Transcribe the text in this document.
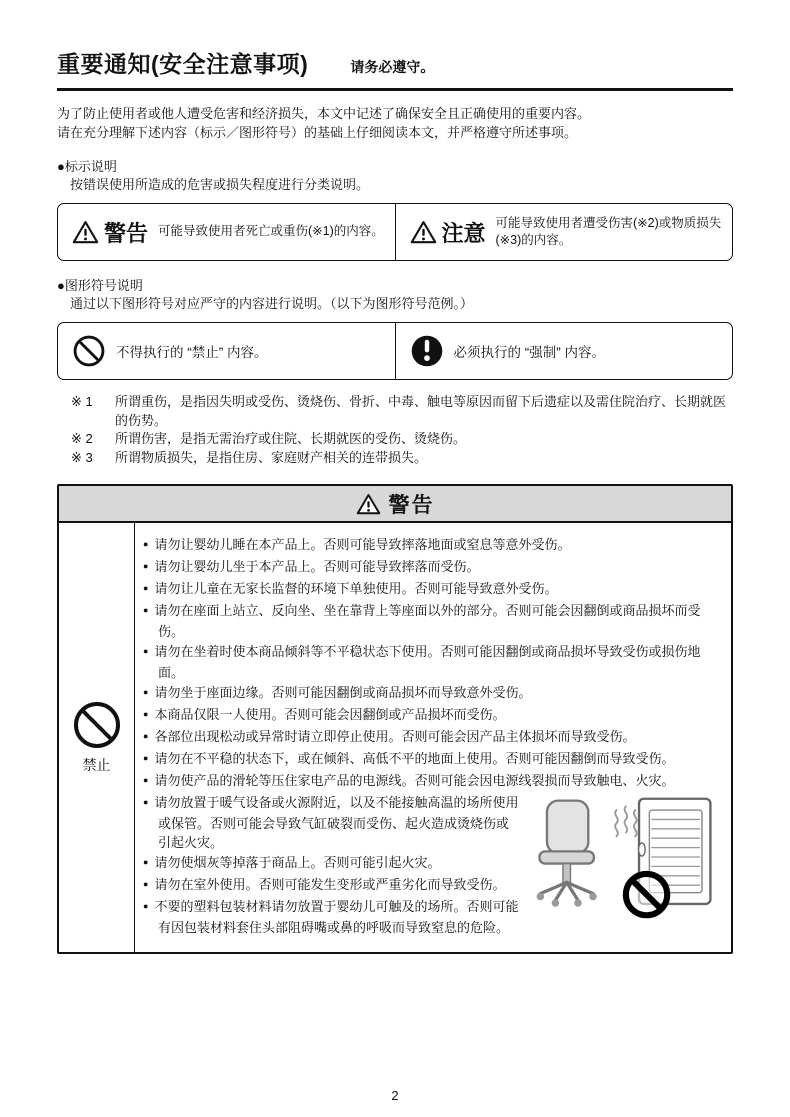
重要通知(安全注意事项)	请务必遵守。
为了防止使用者或他人遭受危害和经济损失，本文中记述了确保安全且正确使用的重要内容。
请在充分理解下述内容（标示／图形符号）的基础上仔细阅读本文，并严格遵守所述事项。
●标示说明
按错误使用所造成的危害或损失程度进行分类说明。
警告 可能导致使用者死亡或重伤(※1)的内容。	注意 可能导致使用者遭受伤害(※2)或物质损失(※3)的内容。
●图形符号说明
通过以下图形符号对应严守的内容进行说明。（以下为图形符号范例。）
不得执行的 “禁止” 内容。	必须执行的 “强制” 内容。
※ 1	所谓重伤，是指因失明或受伤、烫烧伤、骨折、中毒、触电等原因而留下后遗症以及需住院治疗、长期就医的伤势。
※ 2	所谓伤害，是指无需治疗或住院、长期就医的受伤、烫烧伤。
※ 3	所谓物质损失，是指住房、家庭财产相关的连带损失。
警告
禁止
● 请勿让婴幼儿睡在本产品上。否则可能导致摔落地面或窒息等意外受伤。
● 请勿让婴幼儿坐于本产品上。否则可能导致摔落而受伤。
● 请勿让儿童在无家长监督的环境下单独使用。否则可能导致意外受伤。
● 请勿在座面上站立、反向坐、坐在靠背上等座面以外的部分。否则可能会因翻倒或商品损坏而受伤。
● 请勿在坐着时使本商品倾斜等不平稳状态下使用。否则可能因翻倒或商品损坏导致受伤或损伤地面。
● 请勿坐于座面边缘。否则可能因翻倒或商品损坏而导致意外受伤。
● 本商品仅限一人使用。否则可能会因翻倒或产品损坏而受伤。
● 各部位出现松动或异常时请立即停止使用。否则可能会因产品主体损坏而导致受伤。
● 请勿在不平稳的状态下，或在倾斜、高低不平的地面上使用。否则可能因翻倒而导致受伤。
● 请勿使产品的滑轮等压住家电产品的电源线。否则可能会因电源线裂损而导致触电、火灾。
● 请勿放置于暖气设备或火源附近，以及不能接触高温的场所使用或保管。否则可能会导致气缸破裂而受伤、起火造成烫烧伤或引起火灾。
● 请勿使烟灰等掉落于商品上。否则可能引起火灾。
● 请勿在室外使用。否则可能发生变形或严重劣化而导致受伤。
● 不要的塑料包装材料请勿放置于婴幼儿可触及的场所。否则可能有因包装材料套住头部阻碍嘴或鼻的呼吸而导致窒息的危险。
2
